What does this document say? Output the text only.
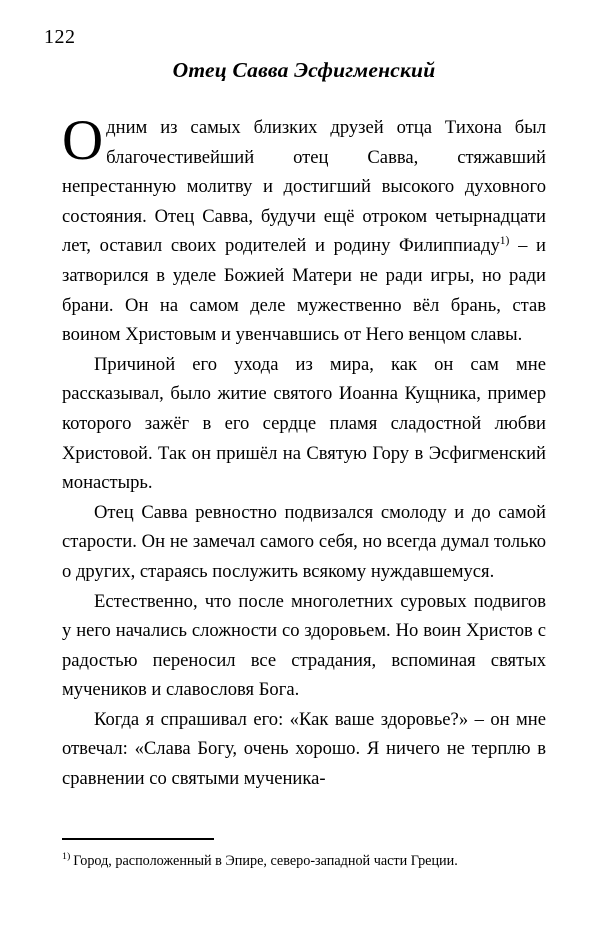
122
Отец Савва Эсфигменский

Одним из самых близких друзей отца Тихона был благочестивейший отец Савва, стяжавший непрестанную молитву и достигший высокого духовного состояния. Отец Савва, будучи ещё отроком четырнадцати лет, оставил своих родителей и родину Филиппиаду$^{1)}$ – и затворился в уделе Божией Матери не ради игры, но ради брани. Он на самом деле мужественно вёл брань, став воином Христовым и увенчавшись от Него венцом славы.

Причиной его ухода из мира, как он сам мне рассказывал, было житие святого Иоанна Кущника, пример которого зажёг в его сердце пламя сладостной любви Христовой. Так он пришёл на Святую Гору в Эсфигменский монастырь.

Отец Савва ревностно подвизался смолоду и до самой старости. Он не замечал самого себя, но всегда думал только о других, стараясь послужить всякому нуждавшемуся.

Естественно, что после многолетних суровых подвигов у него начались сложности со здоровьем. Но воин Христов с радостью переносил все страдания, вспоминая святых мучеников и славословя Бога.

Когда я спрашивал его: «Как ваше здоровье?» – он мне отвечал: «Слава Богу, очень хорошо. Я ничего не терплю в сравнении со святыми мученика-

$^{1)}$ Город, расположенный в Эпире, северо-западной части Греции.
